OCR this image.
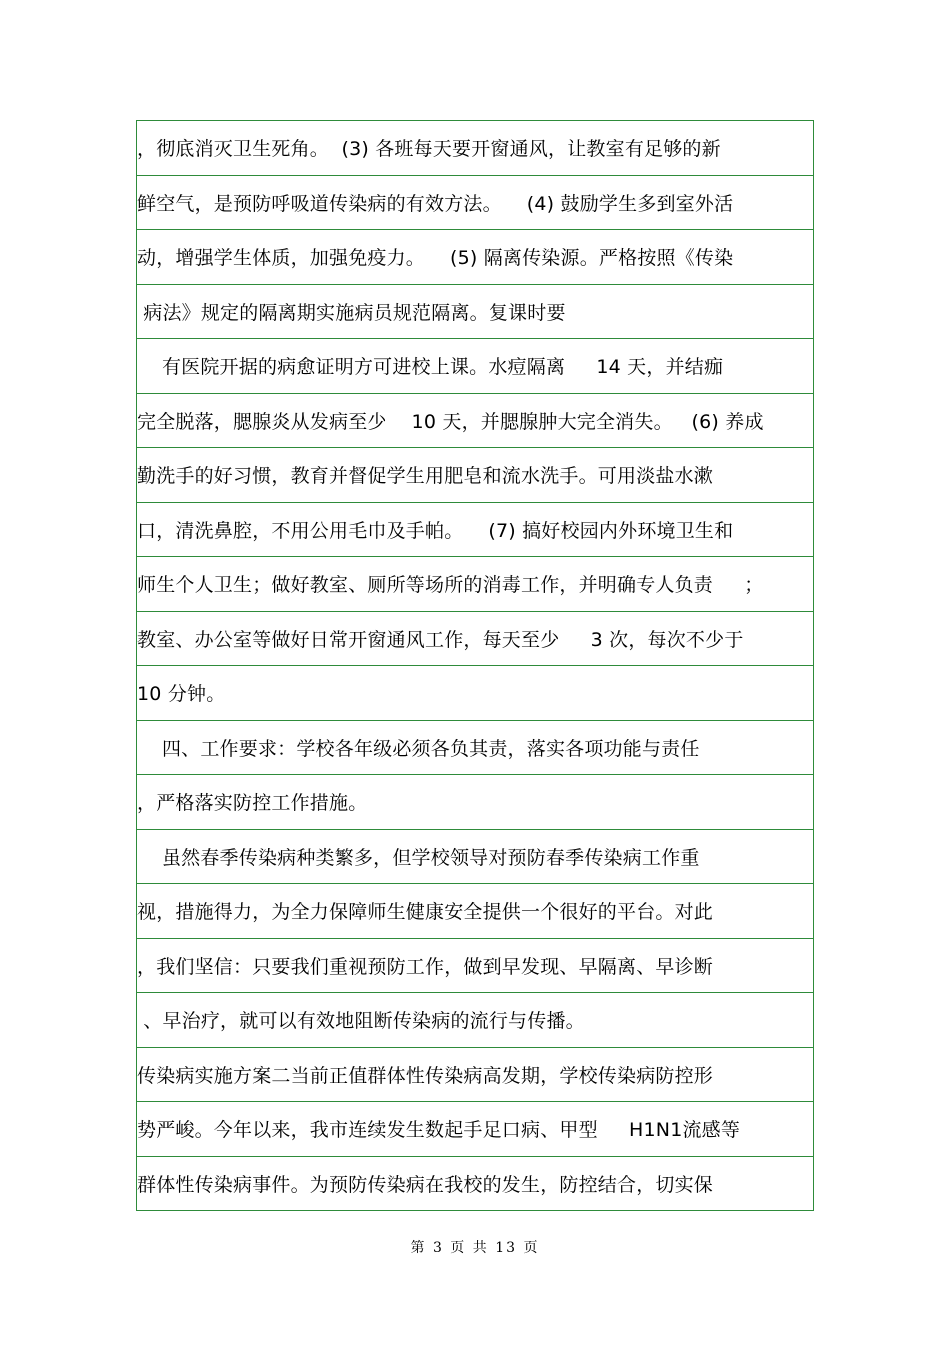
，彻底消灭卫生死角。  (3) 各班每天要开窗通风，让教室有足够的新
鲜空气，是预防呼吸道传染病的有效方法。    (4) 鼓励学生多到室外活
动，增强学生体质，加强免疫力。    (5) 隔离传染源。严格按照《传染
病法》规定的隔离期实施病员规范隔离。复课时要
有医院开据的病愈证明方可进校上课。水痘隔离     14 天，并结痂
完全脱落，腮腺炎从发病至少    10 天，并腮腺肿大完全消失。   (6) 养成
勤洗手的好习惯，教育并督促学生用肥皂和流水洗手。可用淡盐水漱
口，清洗鼻腔，不用公用毛巾及手帕。    (7) 搞好校园内外环境卫生和
师生个人卫生；做好教室、厕所等场所的消毒工作，并明确专人负责     ；
教室、办公室等做好日常开窗通风工作，每天至少     3 次，每次不少于
10 分钟。
四、工作要求：学校各年级必须各负其责，落实各项功能与责任
，严格落实防控工作措施。
虽然春季传染病种类繁多，但学校领导对预防春季传染病工作重
视，措施得力，为全力保障师生健康安全提供一个很好的平台。对此
，我们坚信：只要我们重视预防工作，做到早发现、早隔离、早诊断
、早治疗，就可以有效地阻断传染病的流行与传播。
传染病实施方案二当前正值群体性传染病高发期，学校传染病防控形
势严峻。今年以来，我市连续发生数起手足口病、甲型     H1N1流感等
群体性传染病事件。为预防传染病在我校的发生，防控结合，切实保
第 3 页 共 13 页
